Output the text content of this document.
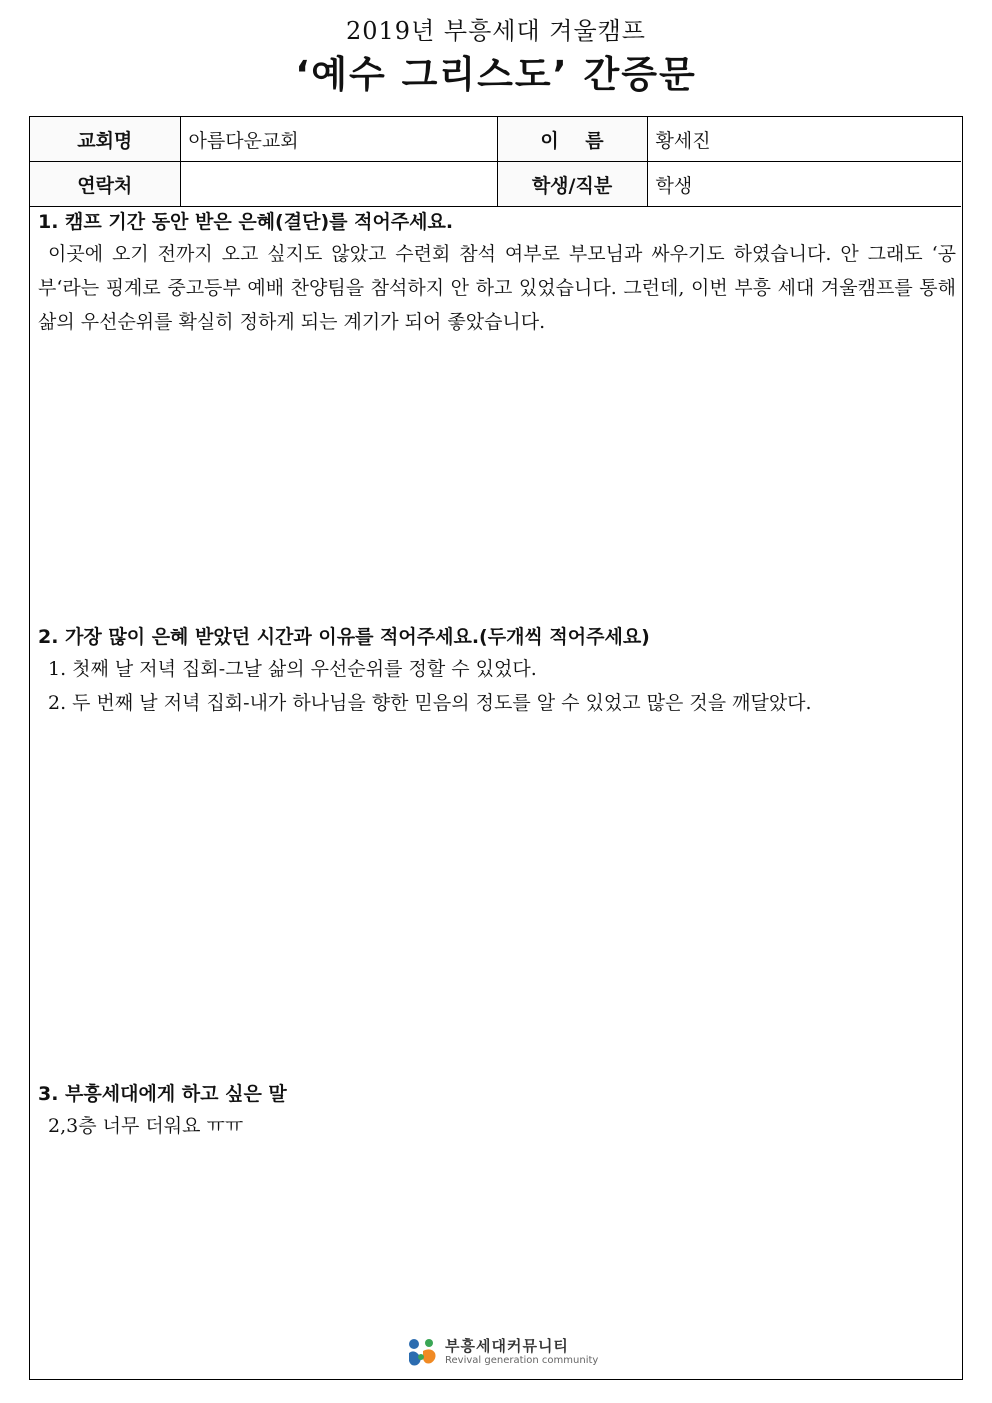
2019년 부흥세대 겨울캠프
‘예수 그리스도’ 간증문
교회명	아름다운교회	이    름	황세진
연락처		학생/직분	학생
1. 캠프 기간 동안 받은 은혜(결단)를 적어주세요.

이곳에 오기 전까지 오고 싶지도 않았고 수련회 참석 여부로 부모님과 싸우기도 하였습니다. 안 그래도 ‘공부‘라는 핑계로 중고등부 예배 찬양팀을 참석하지 안 하고 있었습니다. 그런데, 이번 부흥 세대 겨울캠프를 통해 삶의 우선순위를 확실히 정하게 되는 계기가 되어 좋았습니다.

2. 가장 많이 은혜 받았던 시간과 이유를 적어주세요.(두개씩 적어주세요)

1. 첫째 날 저녁 집회-그날 삶의 우선순위를 정할 수 있었다.

2. 두 번째 날 저녁 집회-내가 하나님을 향한 믿음의 정도를 알 수 있었고 많은 것을 깨달았다.

3. 부흥세대에게 하고 싶은 말

2,3층 너무 더워요 ㅠㅠ

부흥세대커뮤니티
Revival generation community
